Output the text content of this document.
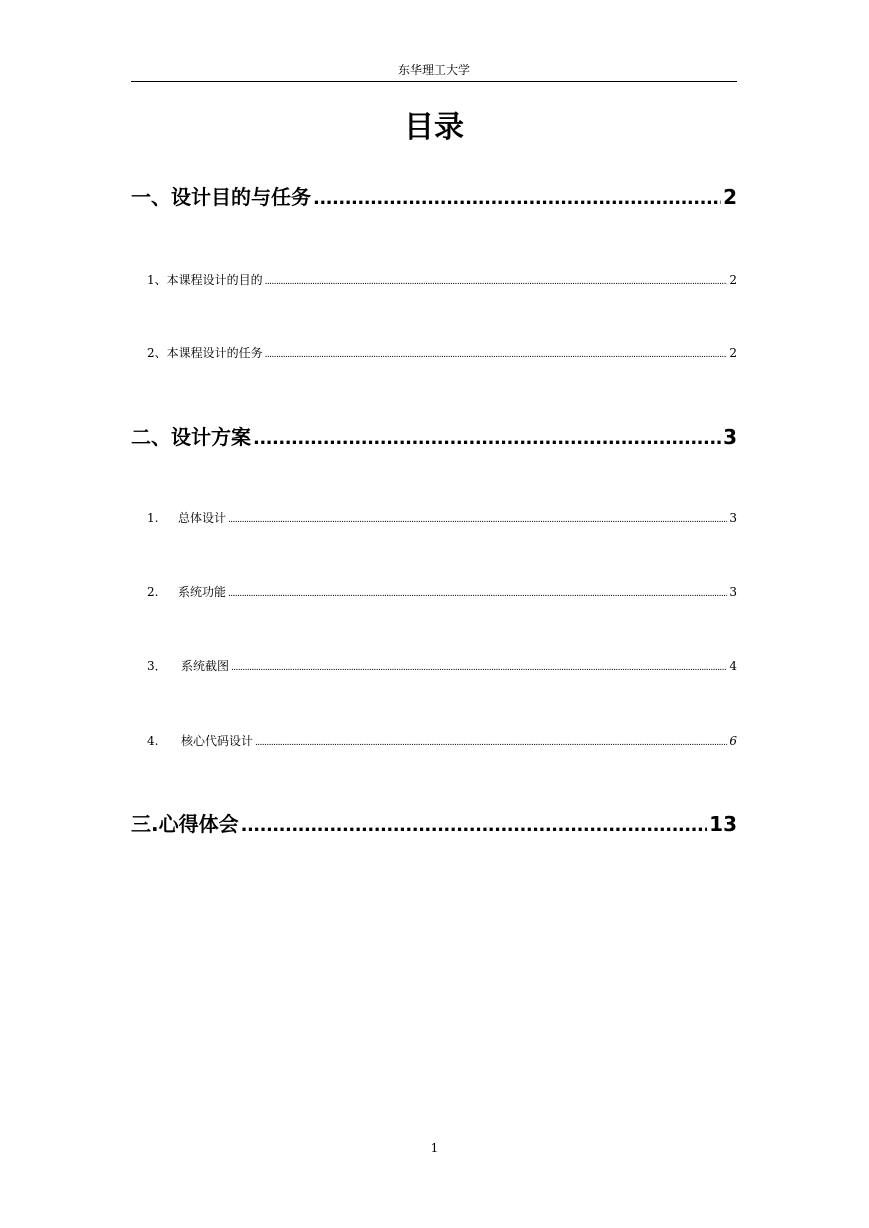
东华理工大学
目录
一、设计目的与任务 .....	2
1、本课程设计的目的 .....	2
2、本课程设计的任务 .....	2
二、设计方案 .....	3
1. 总体设计 .....	3
2. 系统功能 .....	3
3． 系统截图 .....	4
4. 核心代码设计 .....	6
三.心得体会 .....	13
1
